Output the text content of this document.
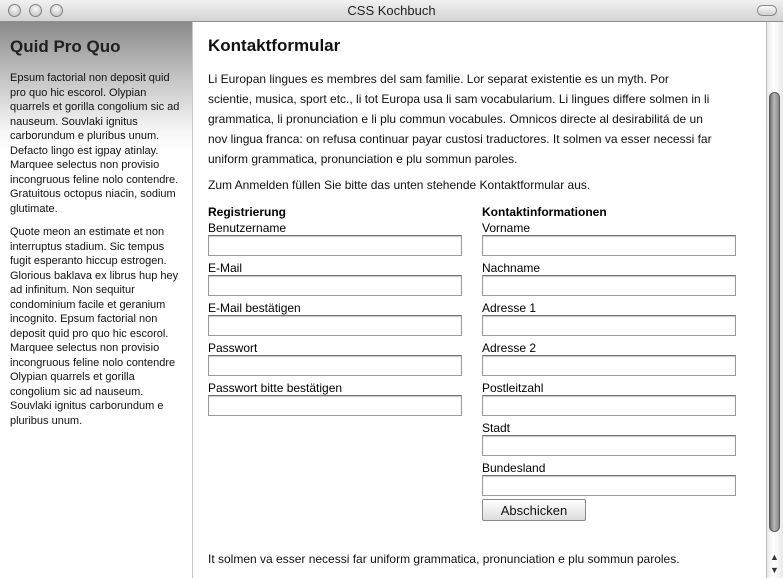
CSS Kochbuch
Quid Pro Quo

Epsum factorial non deposit quid pro quo hic escorol. Olypian quarrels et gorilla congolium sic ad nauseum. Souvlaki ignitus carborundum e pluribus unum. Defacto lingo est igpay atinlay. Marquee selectus non provisio incongruous feline nolo contendre. Gratuitous octopus niacin, sodium glutimate.

Quote meon an estimate et non interruptus stadium. Sic tempus fugit esperanto hiccup estrogen. Glorious baklava ex librus hup hey ad infinitum. Non sequitur condominium facile et geranium incognito. Epsum factorial non deposit quid pro quo hic escorol. Marquee selectus non provisio incongruous feline nolo contendre Olypian quarrels et gorilla congolium sic ad nauseum. Souvlaki ignitus carborundum e pluribus unum.

Kontaktformular

Li Europan lingues es membres del sam familie. Lor separat existentie es un myth. Por scientie, musica, sport etc., li tot Europa usa li sam vocabularium. Li lingues differe solmen in li grammatica, li pronunciation e li plu commun vocabules. Omnicos directe al desirabilitá de un nov lingua franca: on refusa continuar payar custosi traductores. It solmen va esser necessi far uniform grammatica, pronunciation e plu sommun paroles.

Zum Anmelden füllen Sie bitte das unten stehende Kontaktformular aus.

Registrierung
Benutzername
E-Mail
E-Mail bestätigen
Passwort
Passwort bitte bestätigen
Kontaktinformationen
Vorname
Nachname
Adresse 1
Adresse 2
Postleitzahl
Stadt
Bundesland
Abschicken
It solmen va esser necessi far uniform grammatica, pronunciation e plu sommun paroles.	▲
▼
